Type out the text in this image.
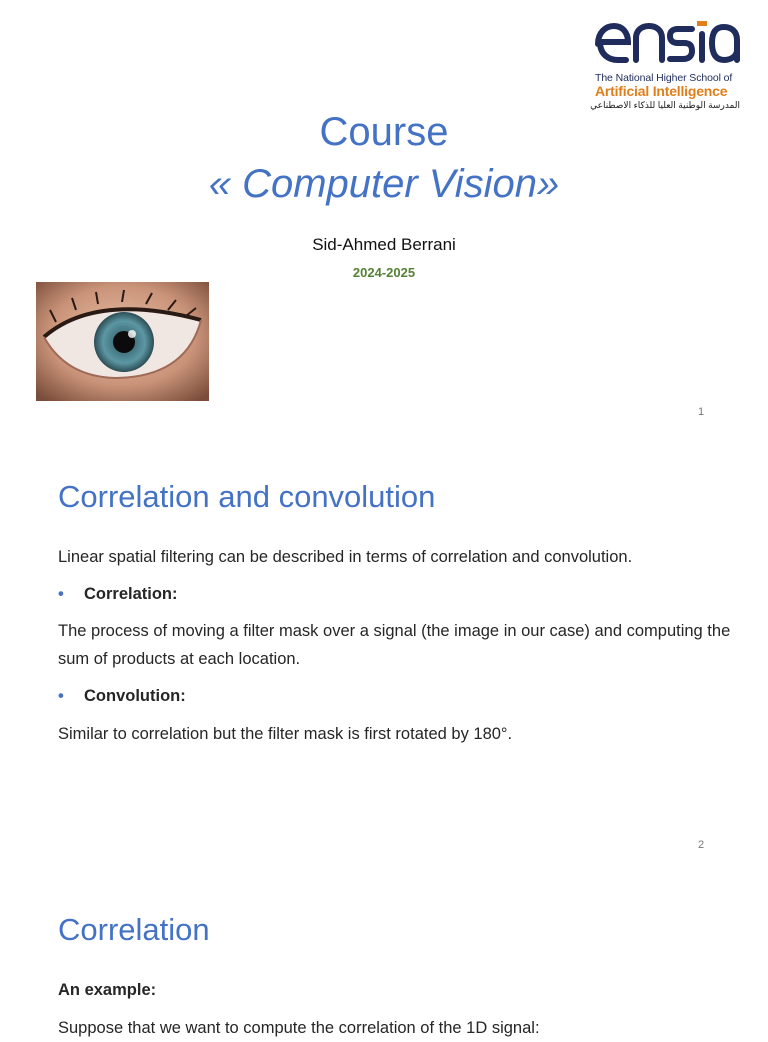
The National Higher School of
Artificial Intelligence
المدرسة الوطنية العليا للذكاء الاصطناعي
Course
« Computer Vision»
Sid-Ahmed Berrani
2024-2025
1
Correlation and convolution
Linear spatial filtering can be described in terms of correlation and convolution.
• Correlation:
The process of moving a filter mask over a signal (the image in our case) and computing the sum of products at each location.
• Convolution:
Similar to correlation but the filter mask is first rotated by 180°.
2
Correlation
An example:
Suppose that we want to compute the correlation of the 1D signal:
